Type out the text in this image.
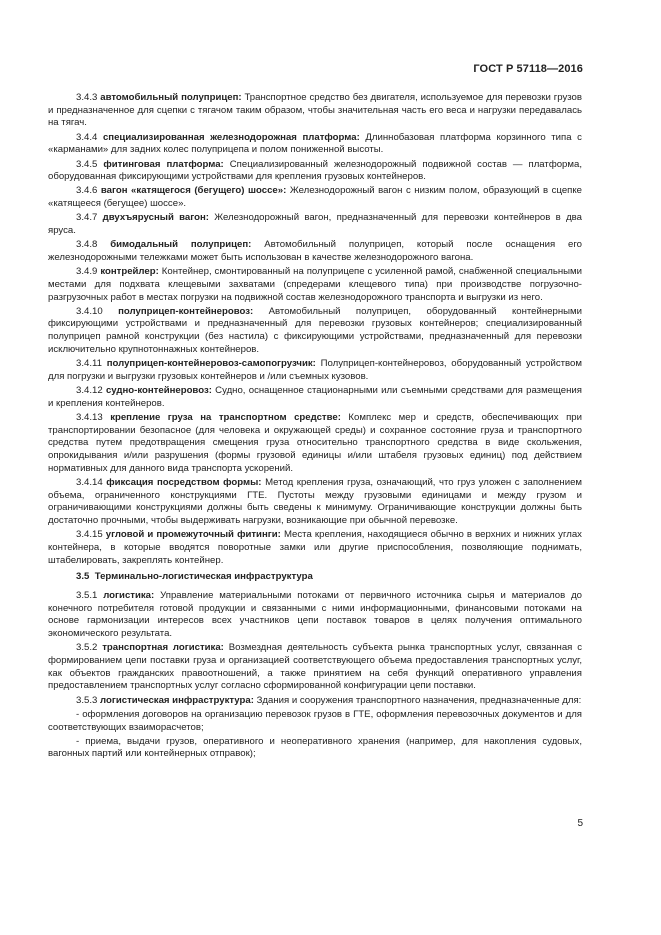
ГОСТ Р 57118—2016

3.4.3 автомобильный полуприцеп: Транспортное средство без двигателя, используемое для перевозки грузов и предназначенное для сцепки с тягачом таким образом, чтобы значительная часть его веса и нагрузки передавалась на тягач.

3.4.4 специализированная железнодорожная платформа: Длиннобазовая платформа корзинного типа с «карманами» для задних колес полуприцепа и полом пониженной высоты.

3.4.5 фитинговая платформа: Специализированный железнодорожный подвижной состав — платформа, оборудованная фиксирующими устройствами для крепления грузовых контейнеров.

3.4.6 вагон «катящегося (бегущего) шоссе»: Железнодорожный вагон с низким полом, образующий в сцепке «катящееся (бегущее) шоссе».

3.4.7 двухъярусный вагон: Железнодорожный вагон, предназначенный для перевозки контейнеров в два яруса.

3.4.8 бимодальный полуприцеп: Автомобильный полуприцеп, который после оснащения его железнодорожными тележками может быть использован в качестве железнодорожного вагона.

3.4.9 контрейлер: Контейнер, смонтированный на полуприцепе с усиленной рамой, снабженной специальными местами для подхвата клещевыми захватами (спредерами клещевого типа) при производстве погрузочно-разгрузочных работ в местах погрузки на подвижной состав железнодорожного транспорта и выгрузки из него.

3.4.10 полуприцеп-контейнеровоз: Автомобильный полуприцеп, оборудованный контейнерными фиксирующими устройствами и предназначенный для перевозки грузовых контейнеров; специализированный полуприцеп рамной конструкции (без настила) с фиксирующими устройствами, предназначенный для перевозки исключительно крупнотоннажных контейнеров.

3.4.11 полуприцеп-контейнеровоз-самопогрузчик: Полуприцеп-контейнеровоз, оборудованный устройством для погрузки и выгрузки грузовых контейнеров и /или съемных кузовов.

3.4.12 судно-контейнеровоз: Судно, оснащенное стационарными или съемными средствами для размещения и крепления контейнеров.

3.4.13 крепление груза на транспортном средстве: Комплекс мер и средств, обеспечивающих при транспортировании безопасное (для человека и окружающей среды) и сохранное состояние груза и транспортного средства путем предотвращения смещения груза относительно транспортного средства в виде скольжения, опрокидывания и/или разрушения (формы грузовой единицы и/или штабеля грузовых единиц) под действием нормативных для данного вида транспорта ускорений.

3.4.14 фиксация посредством формы: Метод крепления груза, означающий, что груз уложен с заполнением объема, ограниченного конструкциями ГТЕ. Пустоты между грузовыми единицами и между грузом и ограничивающими конструкциями должны быть сведены к минимуму. Ограничивающие конструкции должны быть достаточно прочными, чтобы выдерживать нагрузки, возникающие при обычной перевозке.

3.4.15 угловой и промежуточный фитинги: Места крепления, находящиеся обычно в верхних и нижних углах контейнера, в которые вводятся поворотные замки или другие приспособления, позволяющие поднимать, штабелировать, закреплять контейнер.

3.5 Терминально-логистическая инфраструктура

3.5.1 логистика: Управление материальными потоками от первичного источника сырья и материалов до конечного потребителя готовой продукции и связанными с ними информационными, финансовыми потоками на основе гармонизации интересов всех участников цепи поставок товаров в целях получения оптимального экономического результата.

3.5.2 транспортная логистика: Возмездная деятельность субъекта рынка транспортных услуг, связанная с формированием цепи поставки груза и организацией соответствующего объема предоставления транспортных услуг, как объектов гражданских правоотношений, а также принятием на себя функций оперативного управления предоставлением транспортных услуг согласно сформированной конфигурации цепи поставки.

3.5.3 логистическая инфраструктура: Здания и сооружения транспортного назначения, предназначенные для:

- оформления договоров на организацию перевозок грузов в ГТЕ, оформления перевозочных документов и для соответствующих взаиморасчетов;

- приема, выдачи грузов, оперативного и неоперативного хранения (например, для накопления судовых, вагонных партий или контейнерных отправок);

5
